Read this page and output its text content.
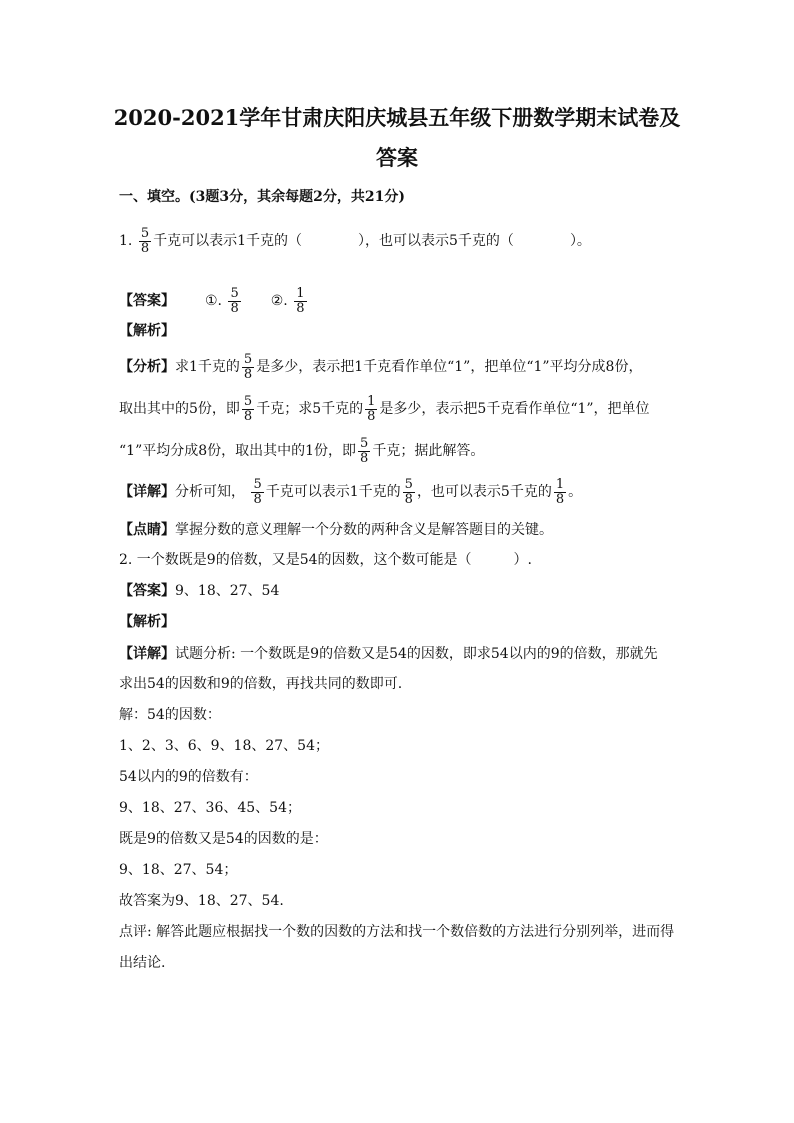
2020-2021学年甘肃庆阳庆城县五年级下册数学期末试卷及
答案
一、填空。(3题3分，其余每题2分，共21分)
1. $\frac{5}{8}$ 千克可以表示1千克的（	），也可以表示5千克的（	）。
【答案】 ①. $\frac{5}{8}$ ②. $\frac{1}{8}$
【解析】
【分析】求1千克的 $\frac{5}{8}$ 是多少，表示把1千克看作单位“1”，把单位“1”平均分成8份，
取出其中的5份，即 $\frac{5}{8}$ 千克；求5千克的 $\frac{1}{8}$ 是多少，表示把5千克看作单位“1”，把单位
“1”平均分成8份，取出其中的1份，即 $\frac{5}{8}$ 千克；据此解答。
【详解】分析可知， $\frac{5}{8}$ 千克可以表示1千克的 $\frac{5}{8}$ ，也可以表示5千克的 $\frac{1}{8}$ 。
【点睛】掌握分数的意义理解一个分数的两种含义是解答题目的关键。
2. 一个数既是9的倍数，又是54的因数，这个数可能是（　　　）.
【答案】9、18、27、54
【解析】
【详解】试题分析: 一个数既是9的倍数又是54的因数，即求54以内的9的倍数，那就先
求出54的因数和9的倍数，再找共同的数即可.
解：54的因数：
1、2、3、6、9、18、27、54；
54以内的9的倍数有：
9、18、27、36、45、54；
既是9的倍数又是54的因数的是：
9、18、27、54；
故答案为9、18、27、54.
点评: 解答此题应根据找一个数的因数的方法和找一个数倍数的方法进行分别列举，进而得
出结论.
